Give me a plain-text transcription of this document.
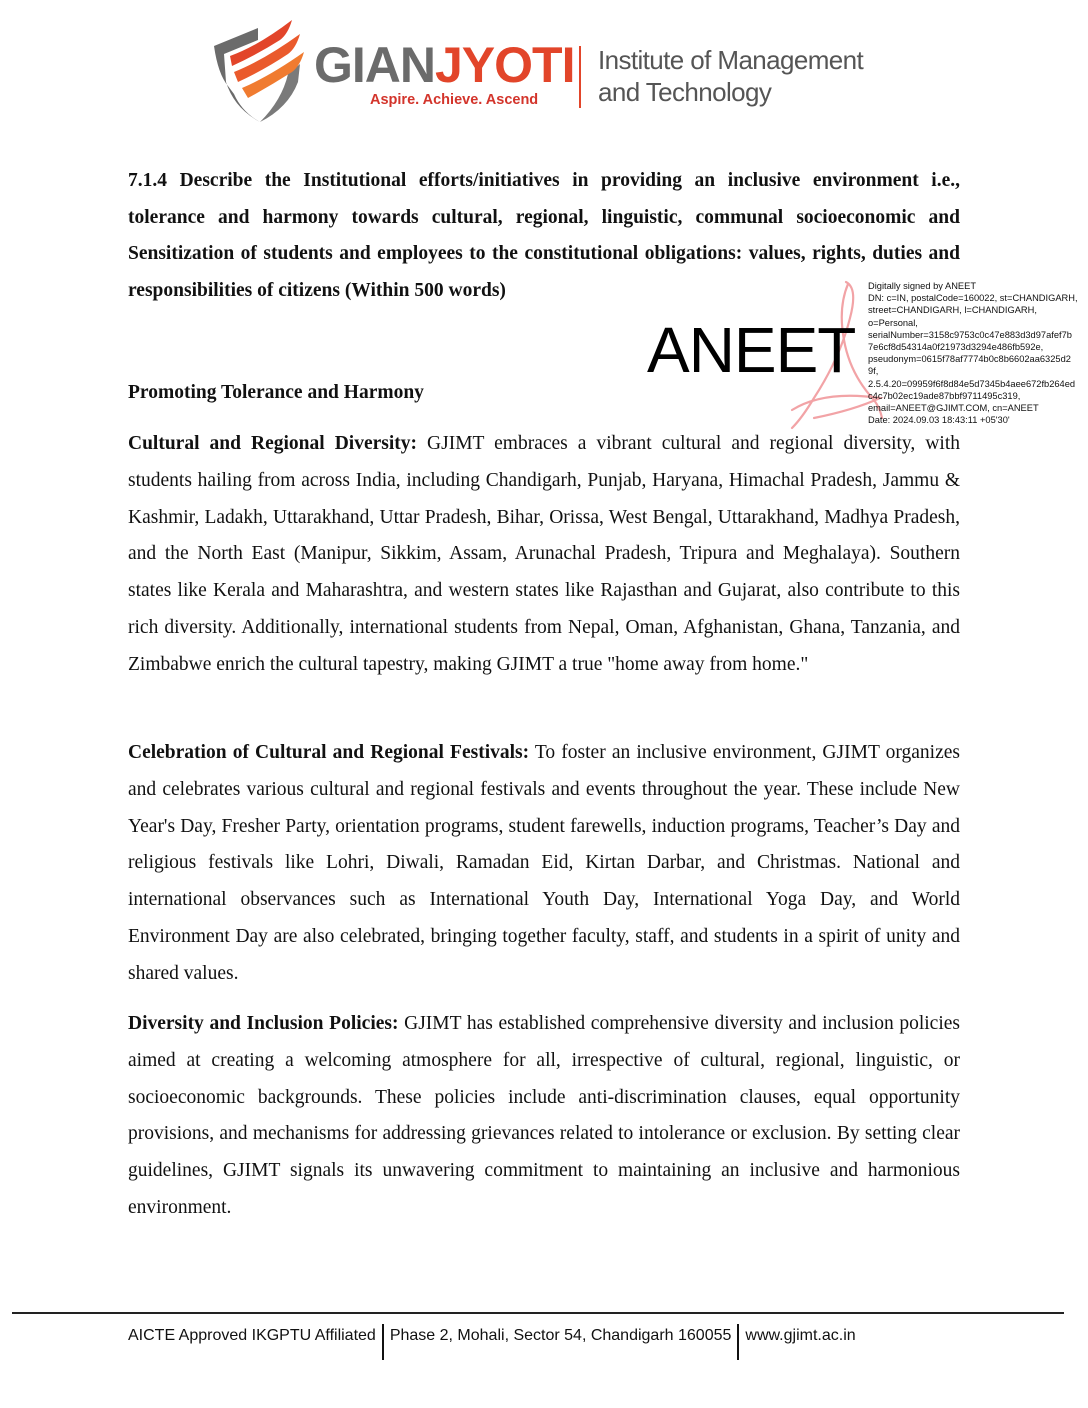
GIANJYOTI
Aspire. Achieve. Ascend
Institute of Management
and Technology
7.1.4 Describe the Institutional efforts/initiatives in providing an inclusive environment i.e., tolerance and harmony towards cultural, regional, linguistic, communal socioeconomic and Sensitization of students and employees to the constitutional obligations: values, rights, duties and responsibilities of citizens (Within 500 words)
ANEET
Digitally signed by ANEET
DN: c=IN, postalCode=160022, st=CHANDIGARH,
street=CHANDIGARH, l=CHANDIGARH,
o=Personal,
serialNumber=3158c9753c0c47e883d3d97afef7b
7e6cf8d54314a0f21973d3294e486fb592e,
pseudonym=0615f78af7774b0c8b6602aa6325d2
9f,
2.5.4.20=09959f6f8d84e5d7345b4aee672fb264ed
c4c7b02ec19ade87bbf9711495c319,
email=ANEET@GJIMT.COM, cn=ANEET
Date: 2024.09.03 18:43:11 +05'30'
Promoting Tolerance and Harmony

Cultural and Regional Diversity: GJIMT embraces a vibrant cultural and regional diversity, with students hailing from across India, including Chandigarh, Punjab, Haryana, Himachal Pradesh, Jammu & Kashmir, Ladakh, Uttarakhand, Uttar Pradesh, Bihar, Orissa, West Bengal, Uttarakhand, Madhya Pradesh, and the North East (Manipur, Sikkim, Assam, Arunachal Pradesh, Tripura and Meghalaya). Southern states like Kerala and Maharashtra, and western states like Rajasthan and Gujarat, also contribute to this rich diversity. Additionally, international students from Nepal, Oman, Afghanistan, Ghana, Tanzania, and Zimbabwe enrich the cultural tapestry, making GJIMT a true "home away from home."

Celebration of Cultural and Regional Festivals: To foster an inclusive environment, GJIMT organizes and celebrates various cultural and regional festivals and events throughout the year. These include New Year's Day, Fresher Party, orientation programs, student farewells, induction programs, Teacher’s Day and religious festivals like Lohri, Diwali, Ramadan Eid, Kirtan Darbar, and Christmas. National and international observances such as International Youth Day, International Yoga Day, and World Environment Day are also celebrated, bringing together faculty, staff, and students in a spirit of unity and shared values.

Diversity and Inclusion Policies: GJIMT has established comprehensive diversity and inclusion policies aimed at creating a welcoming atmosphere for all, irrespective of cultural, regional, linguistic, or socioeconomic backgrounds. These policies include anti-discrimination clauses, equal opportunity provisions, and mechanisms for addressing grievances related to intolerance or exclusion. By setting clear guidelines, GJIMT signals its unwavering commitment to maintaining an inclusive and harmonious environment.

AICTE Approved IKGPTU Affiliated Phase 2, Mohali, Sector 54, Chandigarh 160055 www.gjimt.ac.in
